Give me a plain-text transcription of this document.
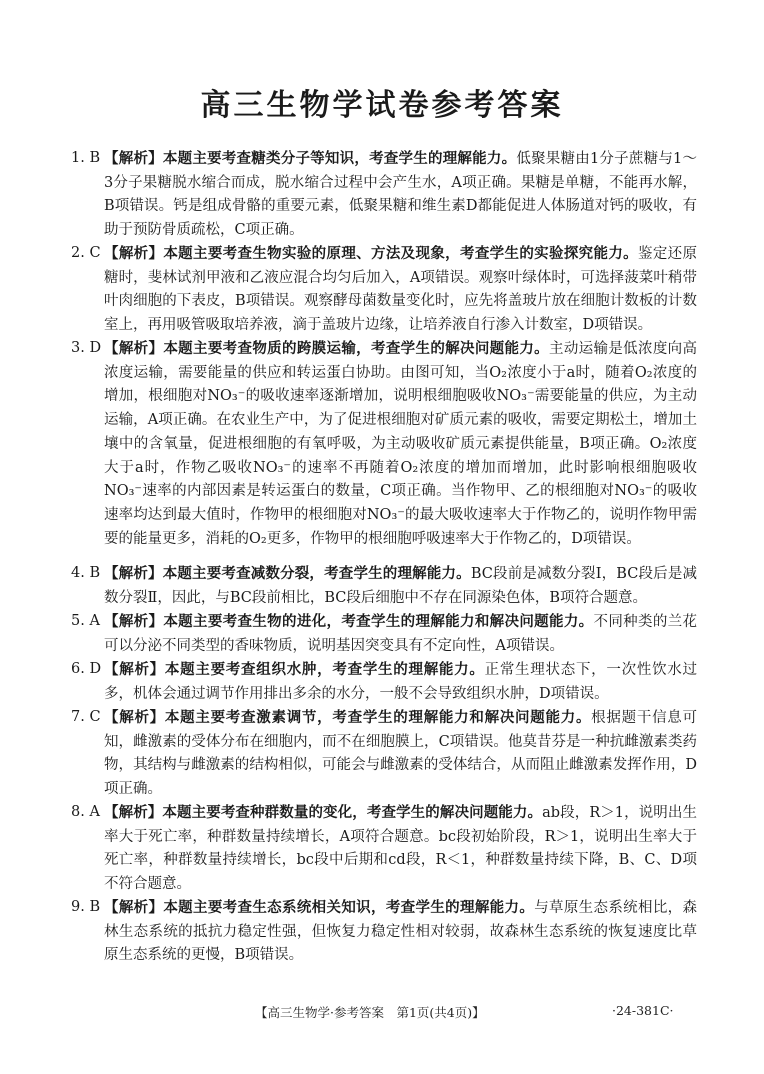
高三生物学试卷参考答案

1. B 【解析】本题主要考查糖类分子等知识，考查学生的理解能力。低聚果糖由1分子蔗糖与1～3分子果糖脱水缩合而成，脱水缩合过程中会产生水，A项正确。果糖是单糖，不能再水解，B项错误。钙是组成骨骼的重要元素，低聚果糖和维生素D都能促进人体肠道对钙的吸收，有助于预防骨质疏松，C项正确。

2. C 【解析】本题主要考查生物实验的原理、方法及现象，考查学生的实验探究能力。鉴定还原糖时，斐林试剂甲液和乙液应混合均匀后加入，A项错误。观察叶绿体时，可选择菠菜叶稍带叶肉细胞的下表皮，B项错误。观察酵母菌数量变化时，应先将盖玻片放在细胞计数板的计数室上，再用吸管吸取培养液，滴于盖玻片边缘，让培养液自行渗入计数室，D项错误。

3. D 【解析】本题主要考查物质的跨膜运输，考查学生的解决问题能力。主动运输是低浓度向高浓度运输，需要能量的供应和转运蛋白协助。由图可知，当O₂浓度小于a时，随着O₂浓度的增加，根细胞对NO₃⁻的吸收速率逐渐增加，说明根细胞吸收NO₃⁻需要能量的供应，为主动运输，A项正确。在农业生产中，为了促进根细胞对矿质元素的吸收，需要定期松土，增加土壤中的含氧量，促进根细胞的有氧呼吸，为主动吸收矿质元素提供能量，B项正确。O₂浓度大于a时，作物乙吸收NO₃⁻的速率不再随着O₂浓度的增加而增加，此时影响根细胞吸收NO₃⁻速率的内部因素是转运蛋白的数量，C项正确。当作物甲、乙的根细胞对NO₃⁻的吸收速率均达到最大值时，作物甲的根细胞对NO₃⁻的最大吸收速率大于作物乙的，说明作物甲需要的能量更多，消耗的O₂更多，作物甲的根细胞呼吸速率大于作物乙的，D项错误。

4. B 【解析】本题主要考查减数分裂，考查学生的理解能力。BC段前是减数分裂Ⅰ，BC段后是减数分裂Ⅱ，因此，与BC段前相比，BC段后细胞中不存在同源染色体，B项符合题意。

5. A 【解析】本题主要考查生物的进化，考查学生的理解能力和解决问题能力。不同种类的兰花可以分泌不同类型的香味物质，说明基因突变具有不定向性，A项错误。

6. D 【解析】本题主要考查组织水肿，考查学生的理解能力。正常生理状态下，一次性饮水过多，机体会通过调节作用排出多余的水分，一般不会导致组织水肿，D项错误。

7. C 【解析】本题主要考查激素调节，考查学生的理解能力和解决问题能力。根据题干信息可知，雌激素的受体分布在细胞内，而不在细胞膜上，C项错误。他莫昔芬是一种抗雌激素类药物，其结构与雌激素的结构相似，可能会与雌激素的受体结合，从而阻止雌激素发挥作用，D项正确。

8. A 【解析】本题主要考查种群数量的变化，考查学生的解决问题能力。ab段，R＞1，说明出生率大于死亡率，种群数量持续增长，A项符合题意。bc段初始阶段，R＞1，说明出生率大于死亡率，种群数量持续增长，bc段中后期和cd段，R＜1，种群数量持续下降，B、C、D项不符合题意。

9. B 【解析】本题主要考查生态系统相关知识，考查学生的理解能力。与草原生态系统相比，森林生态系统的抵抗力稳定性强，但恢复力稳定性相对较弱，故森林生态系统的恢复速度比草原生态系统的更慢，B项错误。

【高三生物学·参考答案　第1页(共4页)】	·24-381C·
